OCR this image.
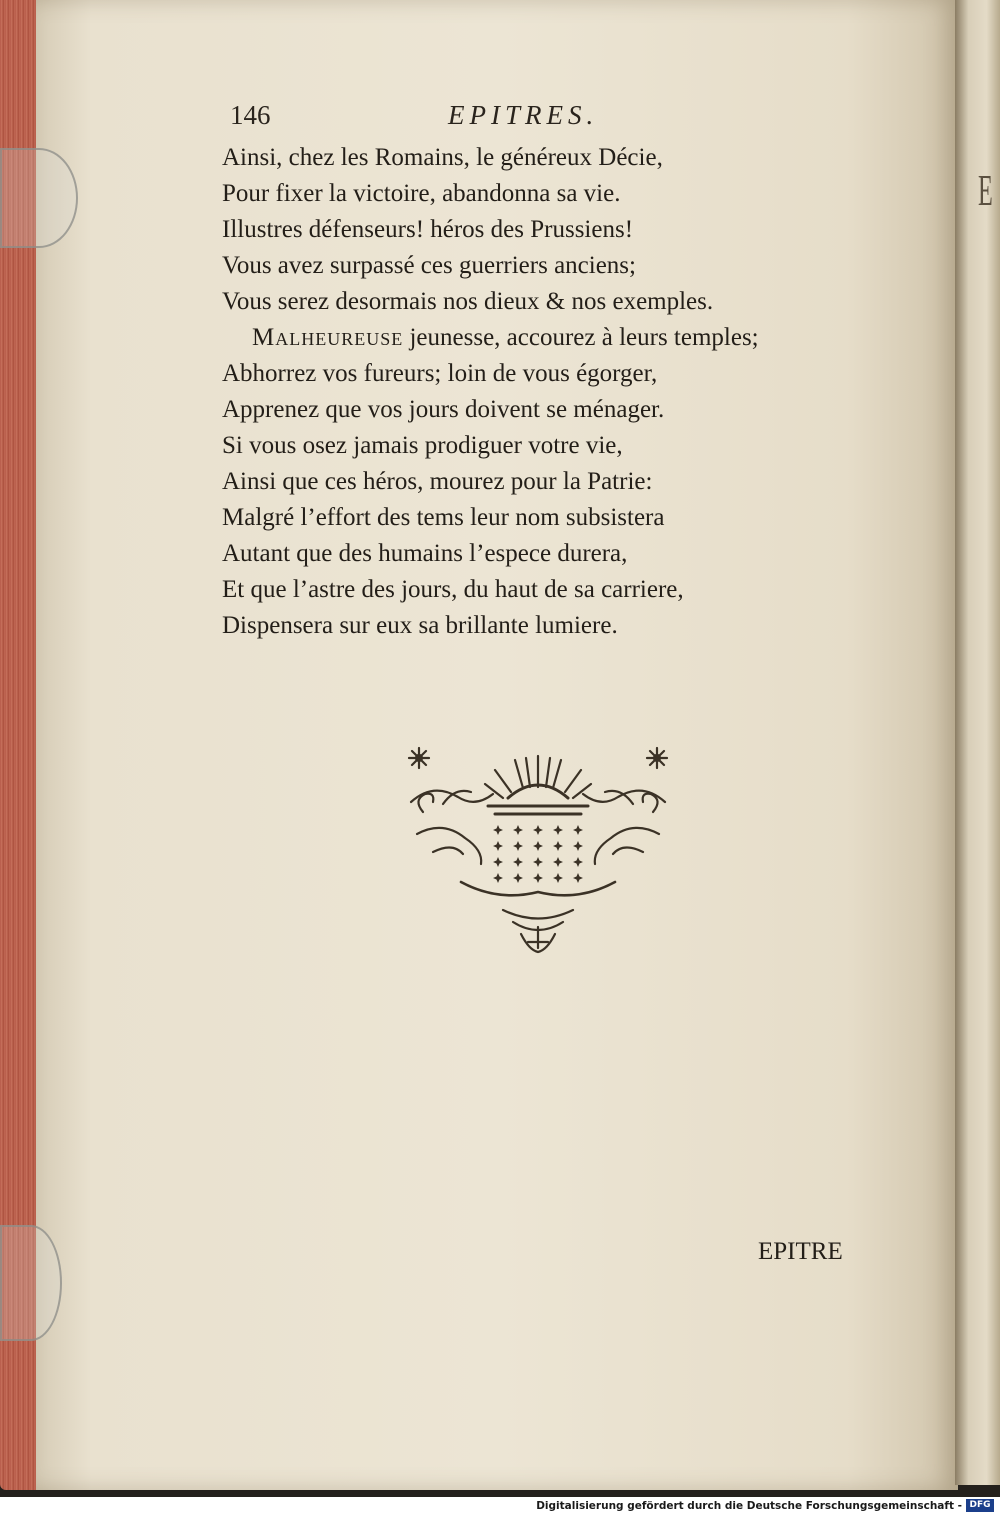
E
146	EPITRES.
Ainsi, chez les Romains, le généreux Décie,
Pour fixer la victoire, abandonna sa vie.
Illustres défenseurs! héros des Prussiens!
Vous avez surpassé ces guerriers anciens;
Vous serez desormais nos dieux & nos exemples.
Malheureuse jeunesse, accourez à leurs temples;
Abhorrez vos fureurs; loin de vous égorger,
Apprenez que vos jours doivent se ménager.
Si vous osez jamais prodiguer votre vie,
Ainsi que ces héros, mourez pour la Patrie:
Malgré l’effort des tems leur nom subsistera
Autant que des humains l’espece durera,
Et que l’astre des jours, du haut de sa carriere,
Dispensera sur eux sa brillante lumiere.
EPITRE
Digitalisierung gefördert durch die Deutsche Forschungsgemeinschaft - DFG
